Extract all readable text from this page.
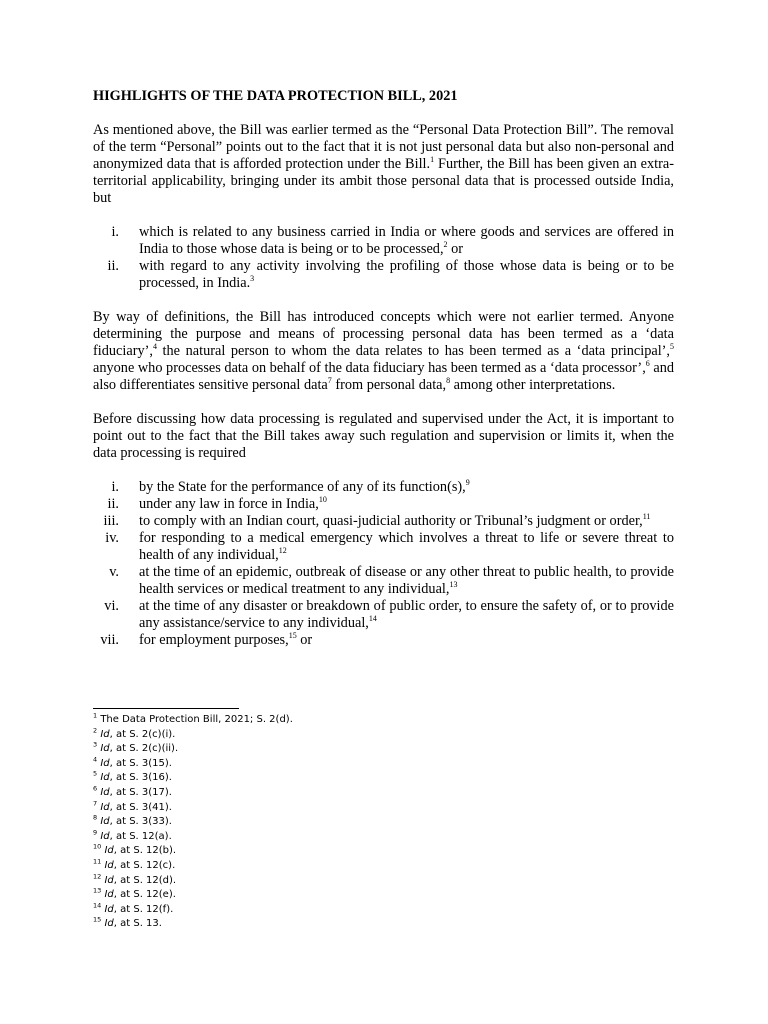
HIGHLIGHTS OF THE DATA PROTECTION BILL, 2021

As mentioned above, the Bill was earlier termed as the “Personal Data Protection Bill”. The removal of the term “Personal” points out to the fact that it is not just personal data but also non-personal and anonymized data that is afforded protection under the Bill.$^1$ Further, the Bill has been given an extra-territorial applicability, bringing under its ambit those personal data that is processed outside India, but

i. which is related to any business carried in India or where goods and services are offered in India to those whose data is being or to be processed,$^2$ or
ii. with regard to any activity involving the profiling of those whose data is being or to be processed, in India.$^3$

By way of definitions, the Bill has introduced concepts which were not earlier termed. Anyone determining the purpose and means of processing personal data has been termed as a ‘data fiduciary’,$^4$ the natural person to whom the data relates to has been termed as a ‘data principal’,$^5$ anyone who processes data on behalf of the data fiduciary has been termed as a ‘data processor’,$^6$ and also differentiates sensitive personal data$^7$ from personal data,$^8$ among other interpretations.

Before discussing how data processing is regulated and supervised under the Act, it is important to point out to the fact that the Bill takes away such regulation and supervision or limits it, when the data processing is required

i. by the State for the performance of any of its function(s),$^9$
ii. under any law in force in India,$^{10}$
iii. to comply with an Indian court, quasi-judicial authority or Tribunal’s judgment or order,$^{11}$
iv. for responding to a medical emergency which involves a threat to life or severe threat to health of any individual,$^{12}$
v. at the time of an epidemic, outbreak of disease or any other threat to public health, to provide health services or medical treatment to any individual,$^{13}$
vi. at the time of any disaster or breakdown of public order, to ensure the safety of, or to provide any assistance/service to any individual,$^{14}$
vii. for employment purposes,$^{15}$ or
$^1$ The Data Protection Bill, 2021; S. 2(d).
$^2$ Id, at S. 2(c)(i).
$^3$ Id, at S. 2(c)(ii).
$^4$ Id, at S. 3(15).
$^5$ Id, at S. 3(16).
$^6$ Id, at S. 3(17).
$^7$ Id, at S. 3(41).
$^8$ Id, at S. 3(33).
$^9$ Id, at S. 12(a).
$^{10}$ Id, at S. 12(b).
$^{11}$ Id, at S. 12(c).
$^{12}$ Id, at S. 12(d).
$^{13}$ Id, at S. 12(e).
$^{14}$ Id, at S. 12(f).
$^{15}$ Id, at S. 13.
